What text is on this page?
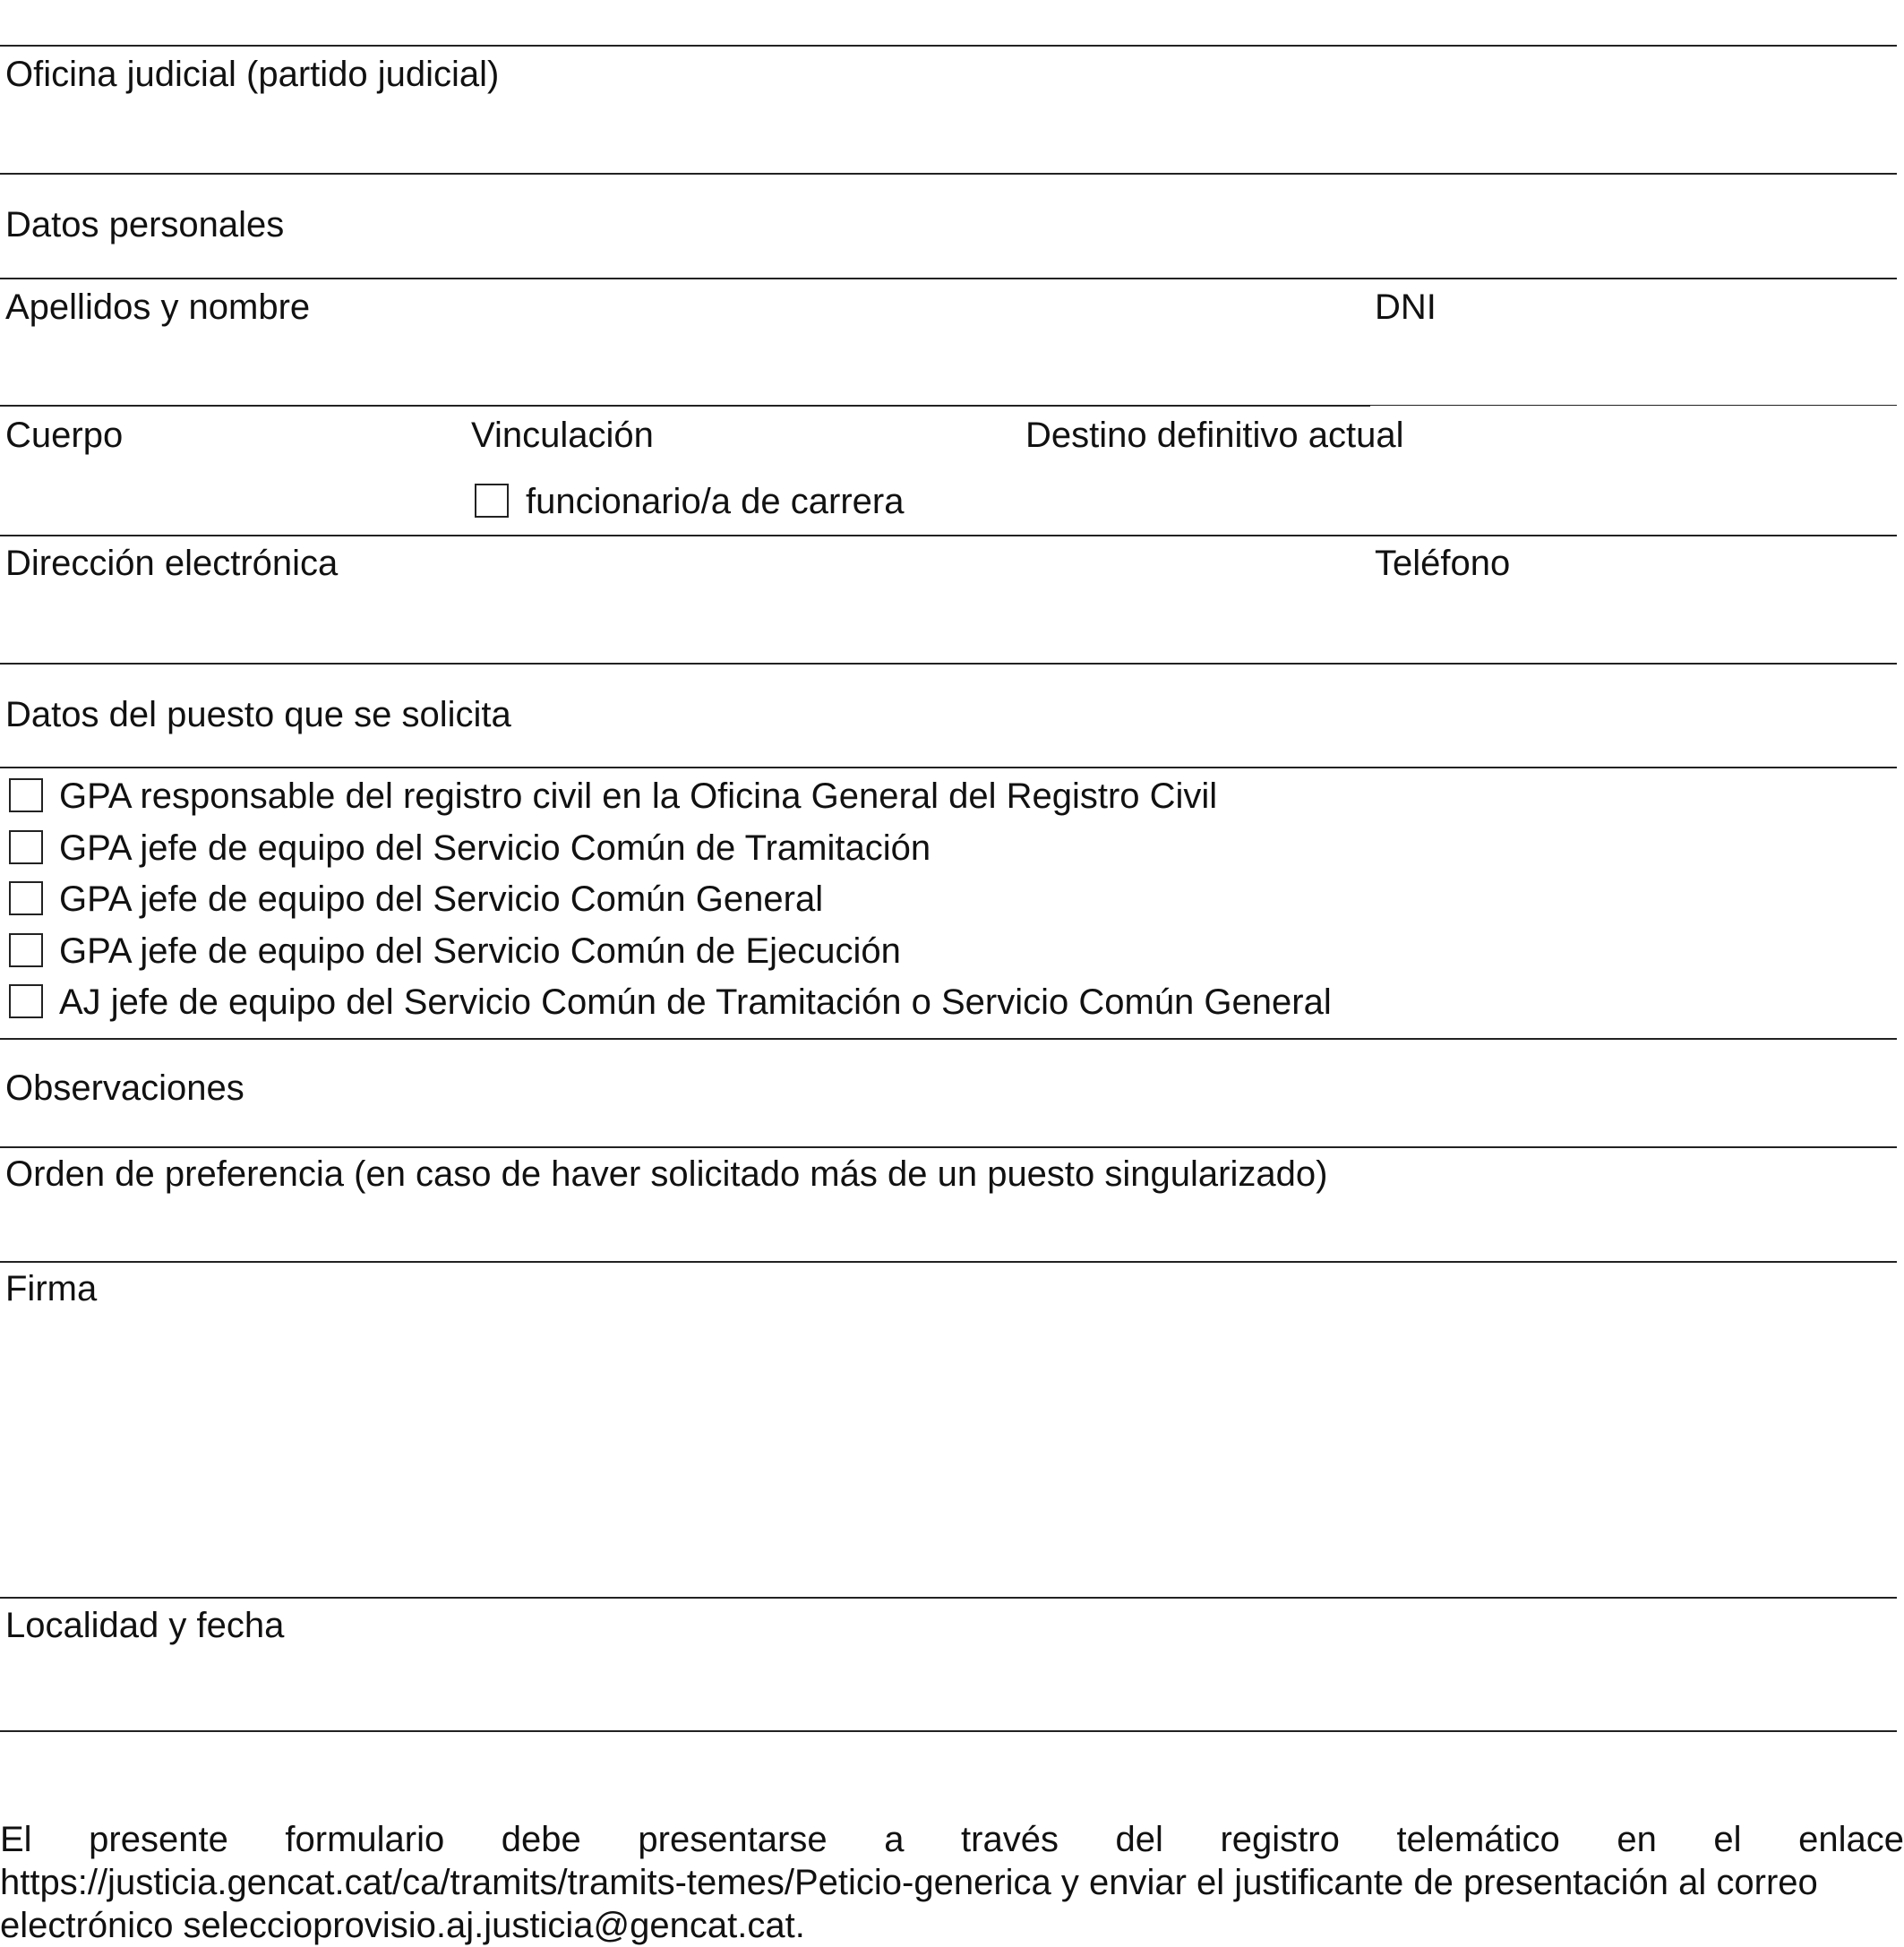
Oficina judicial (partido judicial)
Datos personales
Apellidos y nombre	DNI
Cuerpo	Vinculación	Destino definitivo actual
funcionario/a de carrera
Dirección electrónica	Teléfono
Datos del puesto que se solicita
GPA responsable del registro civil en la Oficina General del Registro Civil
GPA jefe de equipo del Servicio Común de Tramitación
GPA jefe de equipo del Servicio Común General
GPA jefe de equipo del Servicio Común de Ejecución
AJ jefe de equipo del Servicio Común de Tramitación o Servicio Común General
Observaciones
Orden de preferencia (en caso de haver solicitado más de un puesto singularizado)
Firma
Localidad y fecha
El presente formulario debe presentarse a través del registro telemático en el enlace
https://justicia.gencat.cat/ca/tramits/tramits-temes/Peticio-generica y enviar el justificante de presentación al correo
electrónico seleccioprovisio.aj.justicia@gencat.cat.
